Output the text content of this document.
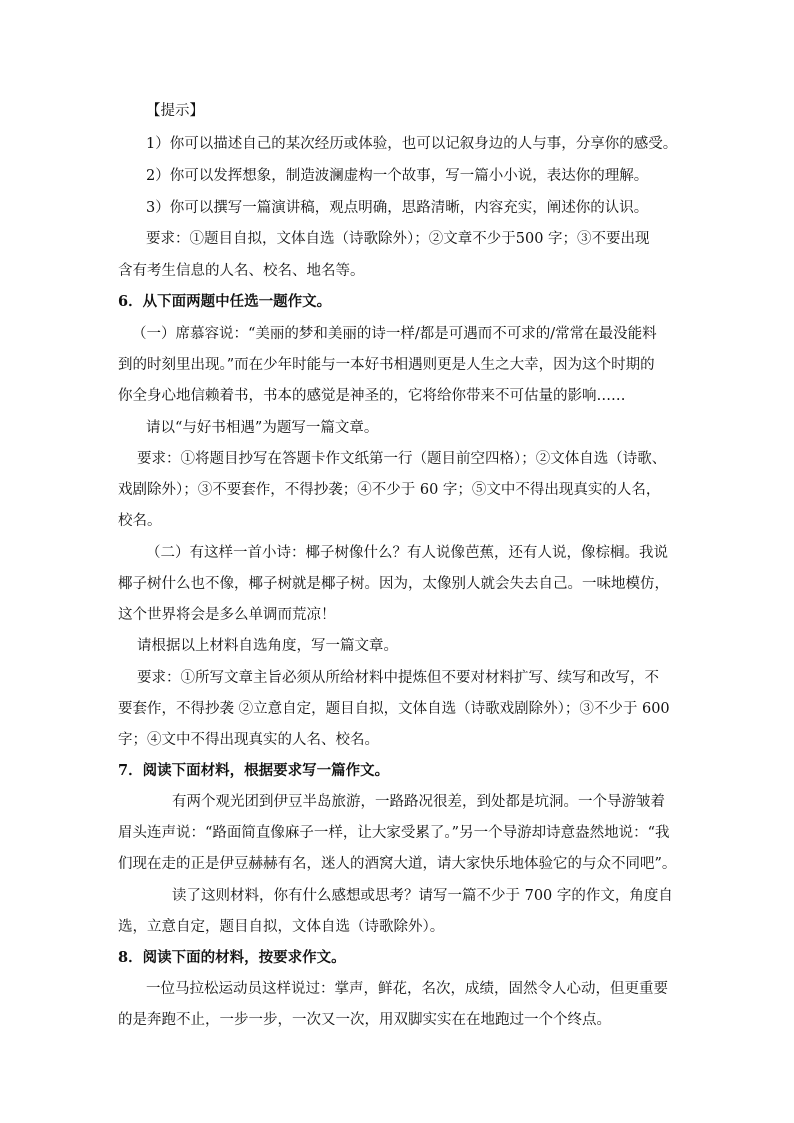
【提示】
1）你可以描述自己的某次经历或体验，也可以记叙身边的人与事，分享你的感受。
2）你可以发挥想象，制造波澜虚构一个故事，写一篇小小说，表达你的理解。
3）你可以撰写一篇演讲稿，观点明确，思路清晰，内容充实，阐述你的认识。
要求：①题目自拟，文体自选（诗歌除外）；②文章不少于500 字；③不要出现
含有考生信息的人名、校名、地名等。
6．从下面两题中任选一题作文。
（一）席慕容说：“美丽的梦和美丽的诗一样/都是可遇而不可求的/常常在最没能料
到的时刻里出现。”而在少年时能与一本好书相遇则更是人生之大幸，因为这个时期的
你全身心地信赖着书，书本的感觉是神圣的，它将给你带来不可估量的影响……
请以“与好书相遇”为题写一篇文章。
要求：①将题目抄写在答题卡作文纸第一行（题目前空四格）；②文体自选（诗歌、
戏剧除外）；③不要套作，不得抄袭；④不少于 60 字；⑤文中不得出现真实的人名，
校名。
（二）有这样一首小诗：椰子树像什么？有人说像芭蕉，还有人说，像棕榈。我说
椰子树什么也不像，椰子树就是椰子树。因为，太像别人就会失去自己。一味地模仿，
这个世界将会是多么单调而荒凉！
请根据以上材料自选角度，写一篇文章。
要求：①所写文章主旨必须从所给材料中提炼但不要对材料扩写、续写和改写，不
要套作，不得抄袭 ②立意自定，题目自拟，文体自选（诗歌戏剧除外）；③不少于 600
字；④文中不得出现真实的人名、校名。
7．阅读下面材料，根据要求写一篇作文。
有两个观光团到伊豆半岛旅游，一路路况很差，到处都是坑洞。一个导游皱着
眉头连声说：“路面简直像麻子一样，让大家受累了。”另一个导游却诗意盎然地说：“我
们现在走的正是伊豆赫赫有名，迷人的酒窝大道，请大家快乐地体验它的与众不同吧”。
读了这则材料，你有什么感想或思考？请写一篇不少于 700 字的作文，角度自
选，立意自定，题目自拟，文体自选（诗歌除外）。
8．阅读下面的材料，按要求作文。
一位马拉松运动员这样说过：掌声，鲜花，名次，成绩，固然令人心动，但更重要
的是奔跑不止，一步一步，一次又一次，用双脚实实在在地跑过一个个终点。
